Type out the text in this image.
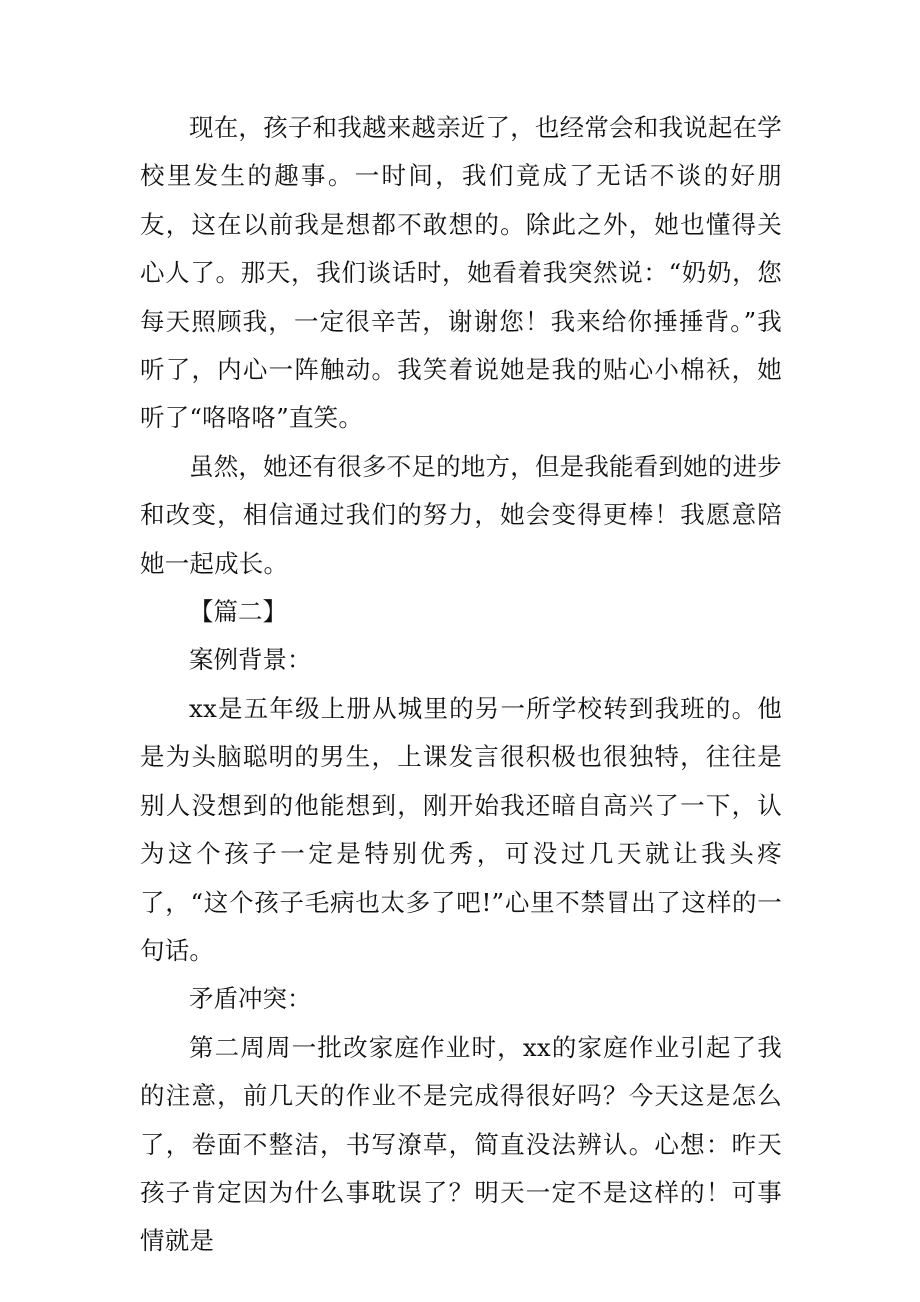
现在，孩子和我越来越亲近了，也经常会和我说起在学校里发生的趣事。一时间，我们竟成了无话不谈的好朋友，这在以前我是想都不敢想的。除此之外，她也懂得关心人了。那天，我们谈话时，她看着我突然说：“奶奶，您每天照顾我，一定很辛苦，谢谢您！我来给你捶捶背。”我听了，内心一阵触动。我笑着说她是我的贴心小棉袄，她听了“咯咯咯”直笑。

虽然，她还有很多不足的地方，但是我能看到她的进步和改变，相信通过我们的努力，她会变得更棒！我愿意陪她一起成长。

【篇二】

案例背景：

xx是五年级上册从城里的另一所学校转到我班的。他是为头脑聪明的男生，上课发言很积极也很独特，往往是别人没想到的他能想到，刚开始我还暗自高兴了一下，认为这个孩子一定是特别优秀，可没过几天就让我头疼了，“这个孩子毛病也太多了吧!”心里不禁冒出了这样的一句话。

矛盾冲突：

第二周周一批改家庭作业时，xx的家庭作业引起了我的注意，前几天的作业不是完成得很好吗？今天这是怎么了，卷面不整洁，书写潦草，简直没法辨认。心想：昨天孩子肯定因为什么事耽误了？明天一定不是这样的！可事情就是
